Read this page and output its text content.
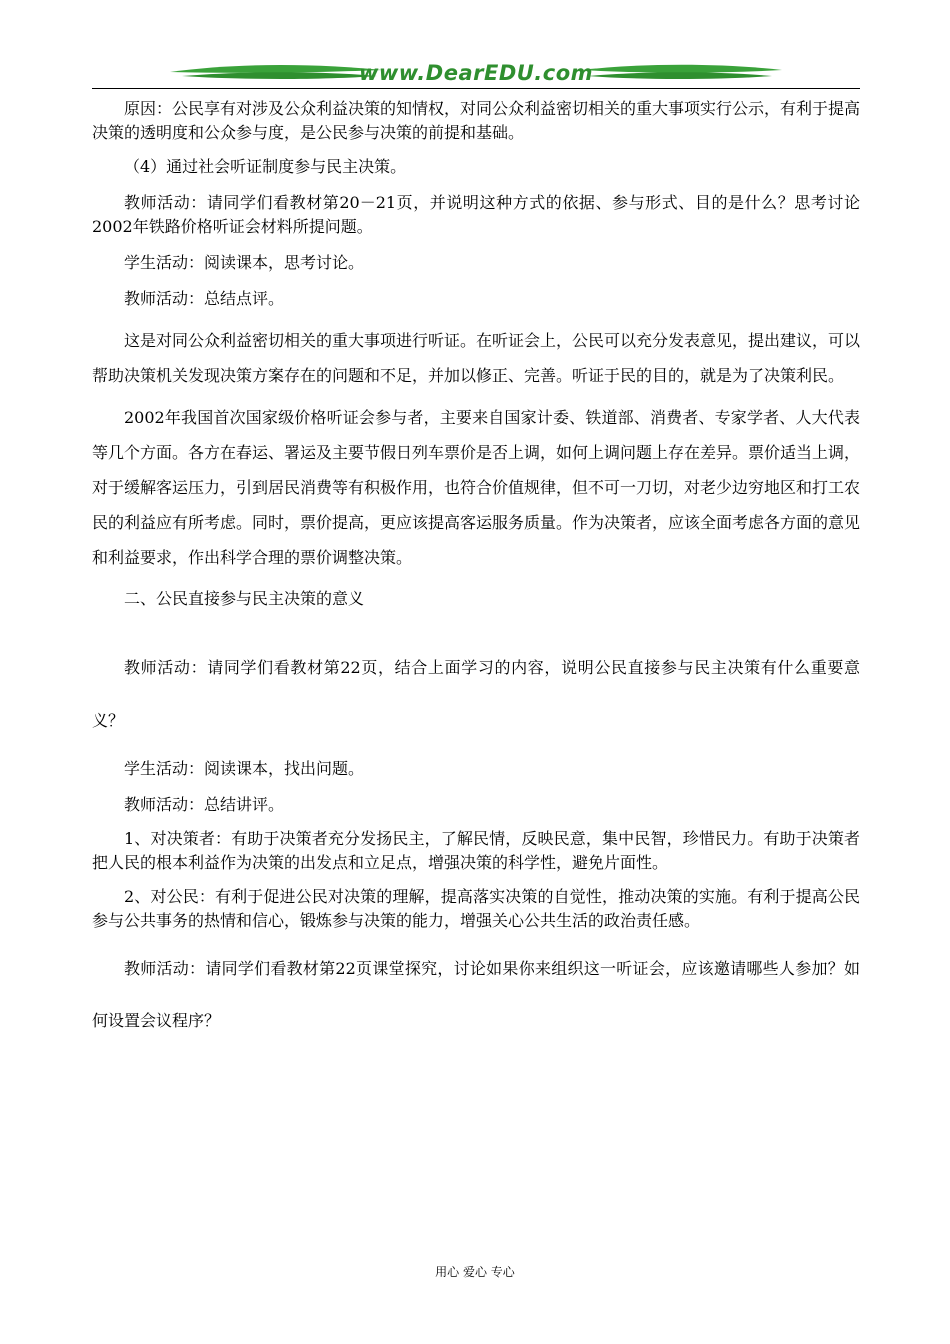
www.DearEDU.com

原因：公民享有对涉及公众利益决策的知情权，对同公众利益密切相关的重大事项实行公示，有利于提高决策的透明度和公众参与度，是公民参与决策的前提和基础。

（4）通过社会听证制度参与民主决策。

教师活动：请同学们看教材第20－21页，并说明这种方式的依据、参与形式、目的是什么？思考讨论2002年铁路价格听证会材料所提问题。

学生活动：阅读课本，思考讨论。

教师活动：总结点评。

这是对同公众利益密切相关的重大事项进行听证。在听证会上，公民可以充分发表意见，提出建议，可以帮助决策机关发现决策方案存在的问题和不足，并加以修正、完善。听证于民的目的，就是为了决策利民。

2002年我国首次国家级价格听证会参与者，主要来自国家计委、铁道部、消费者、专家学者、人大代表等几个方面。各方在春运、署运及主要节假日列车票价是否上调，如何上调问题上存在差异。票价适当上调，对于缓解客运压力，引到居民消费等有积极作用，也符合价值规律，但不可一刀切，对老少边穷地区和打工农民的利益应有所考虑。同时，票价提高，更应该提高客运服务质量。作为决策者，应该全面考虑各方面的意见和利益要求，作出科学合理的票价调整决策。

二、公民直接参与民主决策的意义

教师活动：请同学们看教材第22页，结合上面学习的内容，说明公民直接参与民主决策有什么重要意义？

学生活动：阅读课本，找出问题。

教师活动：总结讲评。

1、对决策者：有助于决策者充分发扬民主，了解民情，反映民意，集中民智，珍惜民力。有助于决策者把人民的根本利益作为决策的出发点和立足点，增强决策的科学性，避免片面性。

2、对公民：有利于促进公民对决策的理解，提高落实决策的自觉性，推动决策的实施。有利于提高公民参与公共事务的热情和信心，锻炼参与决策的能力，增强关心公共生活的政治责任感。

教师活动：请同学们看教材第22页课堂探究，讨论如果你来组织这一听证会，应该邀请哪些人参加？如何设置会议程序？

用心 爱心 专心
